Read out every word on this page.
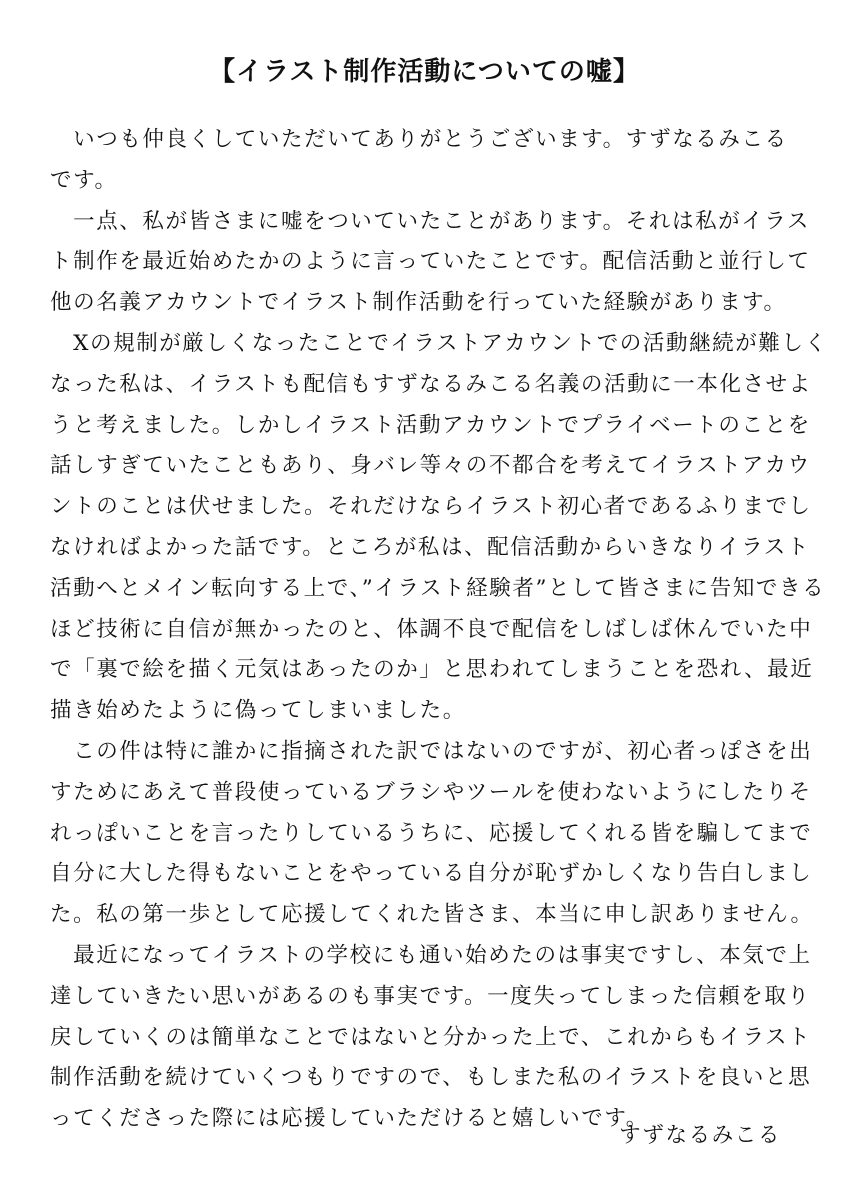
【イラスト制作活動についての嘘】
　いつも仲良くしていただいてありがとうございます。すずなるみこる
です。
　一点、私が皆さまに嘘をついていたことがあります。それは私がイラス
ト制作を最近始めたかのように言っていたことです。配信活動と並行して
他の名義アカウントでイラスト制作活動を行っていた経験があります。
　Xの規制が厳しくなったことでイラストアカウントでの活動継続が難しく
なった私は、イラストも配信もすずなるみこる名義の活動に一本化させよ
うと考えました。しかしイラスト活動アカウントでプライベートのことを
話しすぎていたこともあり、身バレ等々の不都合を考えてイラストアカウ
ントのことは伏せました。それだけならイラスト初心者であるふりまでし
なければよかった話です。ところが私は、配信活動からいきなりイラスト
活動へとメイン転向する上で、”イラスト経験者”として皆さまに告知できる
ほど技術に自信が無かったのと、体調不良で配信をしばしば休んでいた中
で「裏で絵を描く元気はあったのか」と思われてしまうことを恐れ、最近
描き始めたように偽ってしまいました。
　この件は特に誰かに指摘された訳ではないのですが、初心者っぽさを出
すためにあえて普段使っているブラシやツールを使わないようにしたりそ
れっぽいことを言ったりしているうちに、応援してくれる皆を騙してまで
自分に大した得もないことをやっている自分が恥ずかしくなり告白しまし
た。私の第一歩として応援してくれた皆さま、本当に申し訳ありません。
　最近になってイラストの学校にも通い始めたのは事実ですし、本気で上
達していきたい思いがあるのも事実です。一度失ってしまった信頼を取り
戻していくのは簡単なことではないと分かった上で、これからもイラスト
制作活動を続けていくつもりですので、もしまた私のイラストを良いと思
ってくださった際には応援していただけると嬉しいです。
すずなるみこる
